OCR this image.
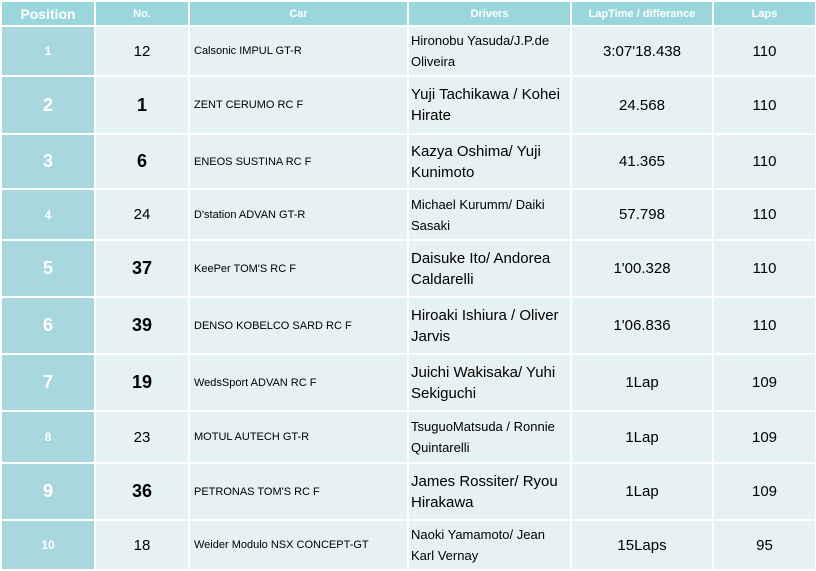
Position	No.	Car	Drivers	LapTime / differance	Laps
1	12	Calsonic IMPUL GT-R	Hironobu Yasuda/J.P.de Oliveira	3:07'18.438	110
2	1	ZENT CERUMO RC F	Yuji Tachikawa / Kohei Hirate	24.568	110
3	6	ENEOS SUSTINA RC F	Kazya Oshima/ Yuji Kunimoto	41.365	110
4	24	D'station ADVAN GT-R	Michael Kurumm/ Daiki Sasaki	57.798	110
5	37	KeePer TOM'S RC F	Daisuke Ito/ Andorea Caldarelli	1'00.328	110
6	39	DENSO KOBELCO SARD RC F	Hiroaki Ishiura / Oliver Jarvis	1'06.836	110
7	19	WedsSport ADVAN RC F	Juichi Wakisaka/ Yuhi Sekiguchi	1Lap	109
8	23	MOTUL AUTECH GT-R	TsuguoMatsuda / Ronnie Quintarelli	1Lap	109
9	36	PETRONAS TOM'S RC F	James Rossiter/ Ryou Hirakawa	1Lap	109
10	18	Weider Modulo NSX CONCEPT-GT	Naoki Yamamoto/ Jean Karl Vernay	15Laps	95
